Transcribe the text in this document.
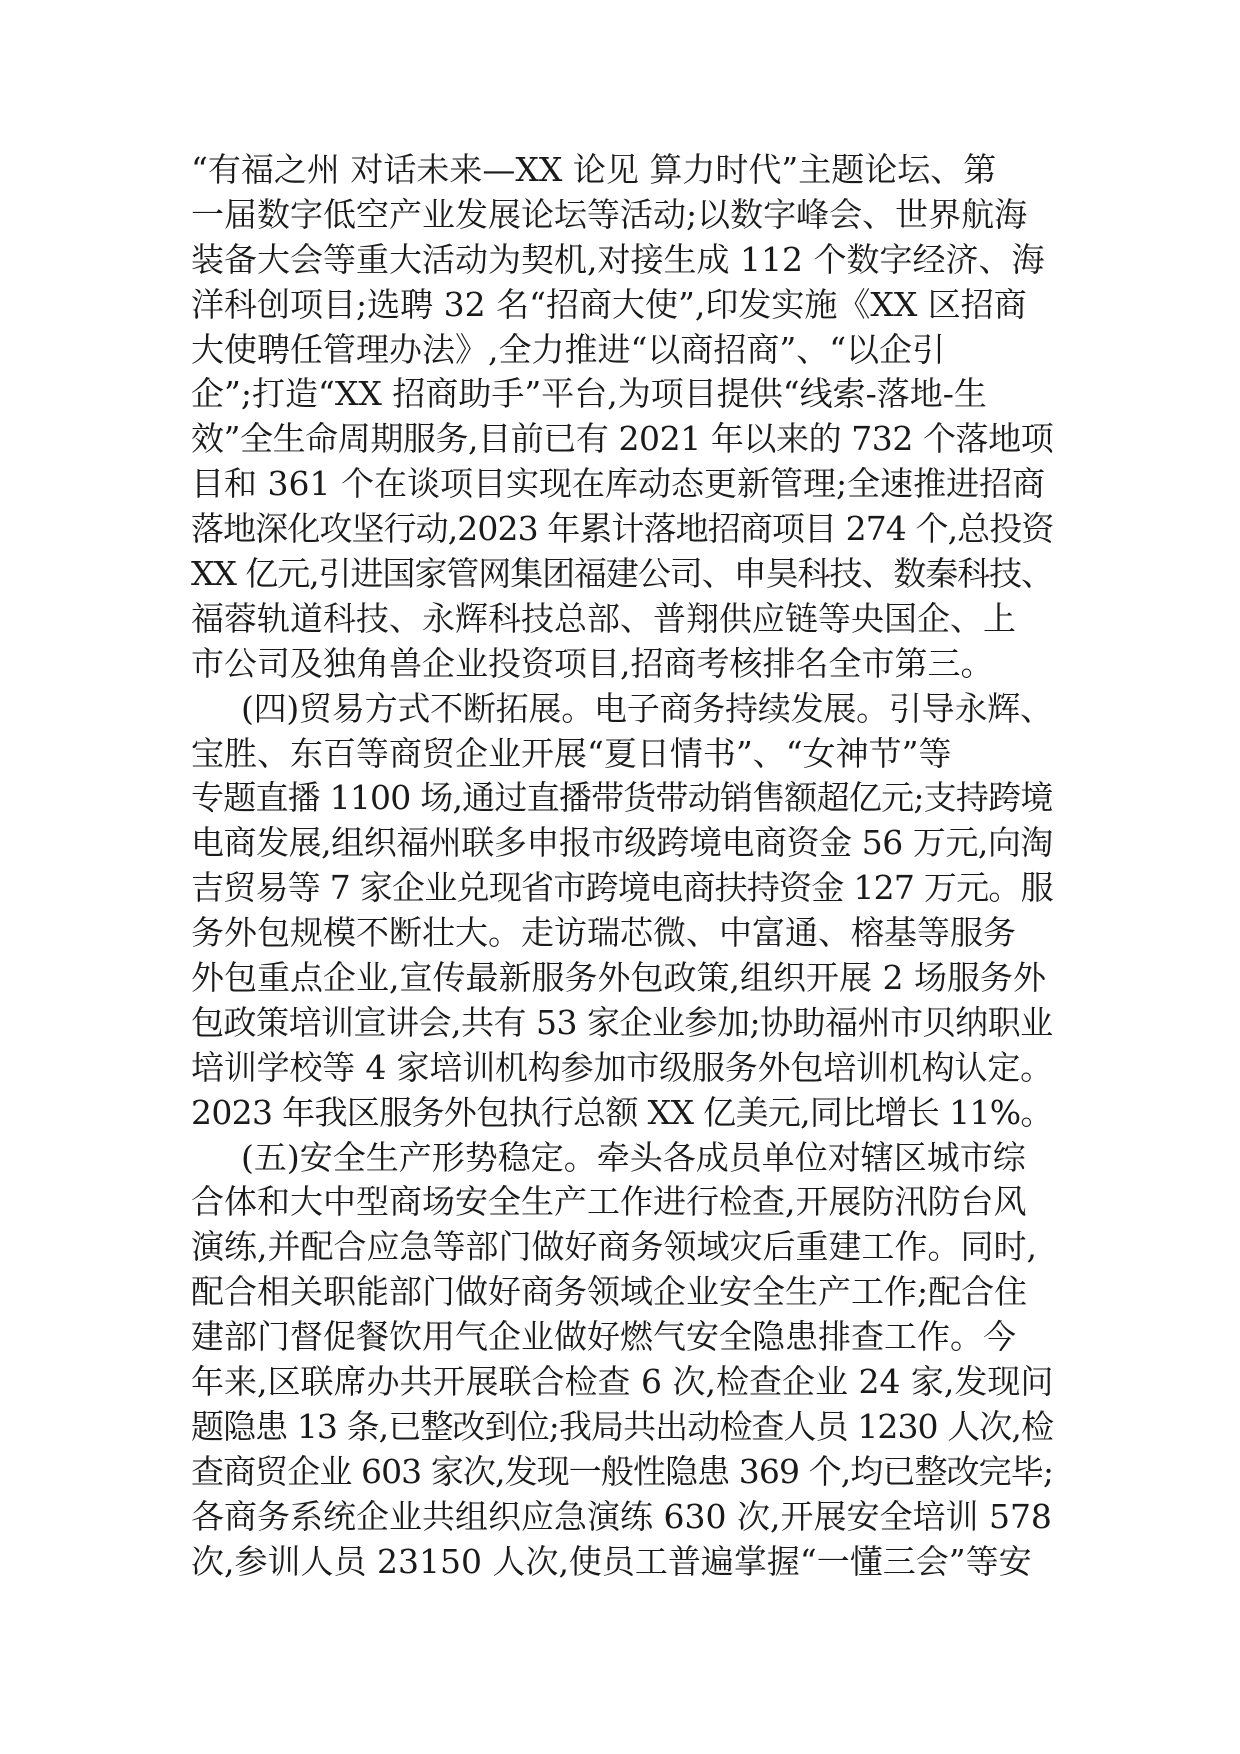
“有福之州 对话未来—XX 论见 算力时代”主题论坛、第
一届数字低空产业发展论坛等活动;以数字峰会、世界航海
装备大会等重大活动为契机,对接生成 112 个数字经济、海
洋科创项目;选聘 32 名“招商大使”,印发实施《XX 区招商
大使聘任管理办法》,全力推进“以商招商”、“以企引
企”;打造“XX 招商助手”平台,为项目提供“线索-落地-生
效”全生命周期服务,目前已有 2021 年以来的 732 个落地项
目和 361 个在谈项目实现在库动态更新管理;全速推进招商
落地深化攻坚行动,2023 年累计落地招商项目 274 个,总投资
XX 亿元,引进国家管网集团福建公司、申昊科技、数秦科技、
福蓉轨道科技、永辉科技总部、普翔供应链等央国企、上
市公司及独角兽企业投资项目,招商考核排名全市第三。
(四)贸易方式不断拓展。电子商务持续发展。引导永辉、
宝胜、东百等商贸企业开展“夏日情书”、“女神节”等
专题直播 1100 场,通过直播带货带动销售额超亿元;支持跨境
电商发展,组织福州联多申报市级跨境电商资金 56 万元,向淘
吉贸易等 7 家企业兑现省市跨境电商扶持资金 127 万元。服
务外包规模不断壮大。走访瑞芯微、中富通、榕基等服务
外包重点企业,宣传最新服务外包政策,组织开展 2 场服务外
包政策培训宣讲会,共有 53 家企业参加;协助福州市贝纳职业
培训学校等 4 家培训机构参加市级服务外包培训机构认定。
2023 年我区服务外包执行总额 XX 亿美元,同比增长 11%。
(五)安全生产形势稳定。牵头各成员单位对辖区城市综
合体和大中型商场安全生产工作进行检查,开展防汛防台风
演练,并配合应急等部门做好商务领域灾后重建工作。同时,
配合相关职能部门做好商务领域企业安全生产工作;配合住
建部门督促餐饮用气企业做好燃气安全隐患排查工作。今
年来,区联席办共开展联合检查 6 次,检查企业 24 家,发现问
题隐患 13 条,已整改到位;我局共出动检查人员 1230 人次,检
查商贸企业 603 家次,发现一般性隐患 369 个,均已整改完毕;
各商务系统企业共组织应急演练 630 次,开展安全培训 578
次,参训人员 23150 人次,使员工普遍掌握“一懂三会”等安
